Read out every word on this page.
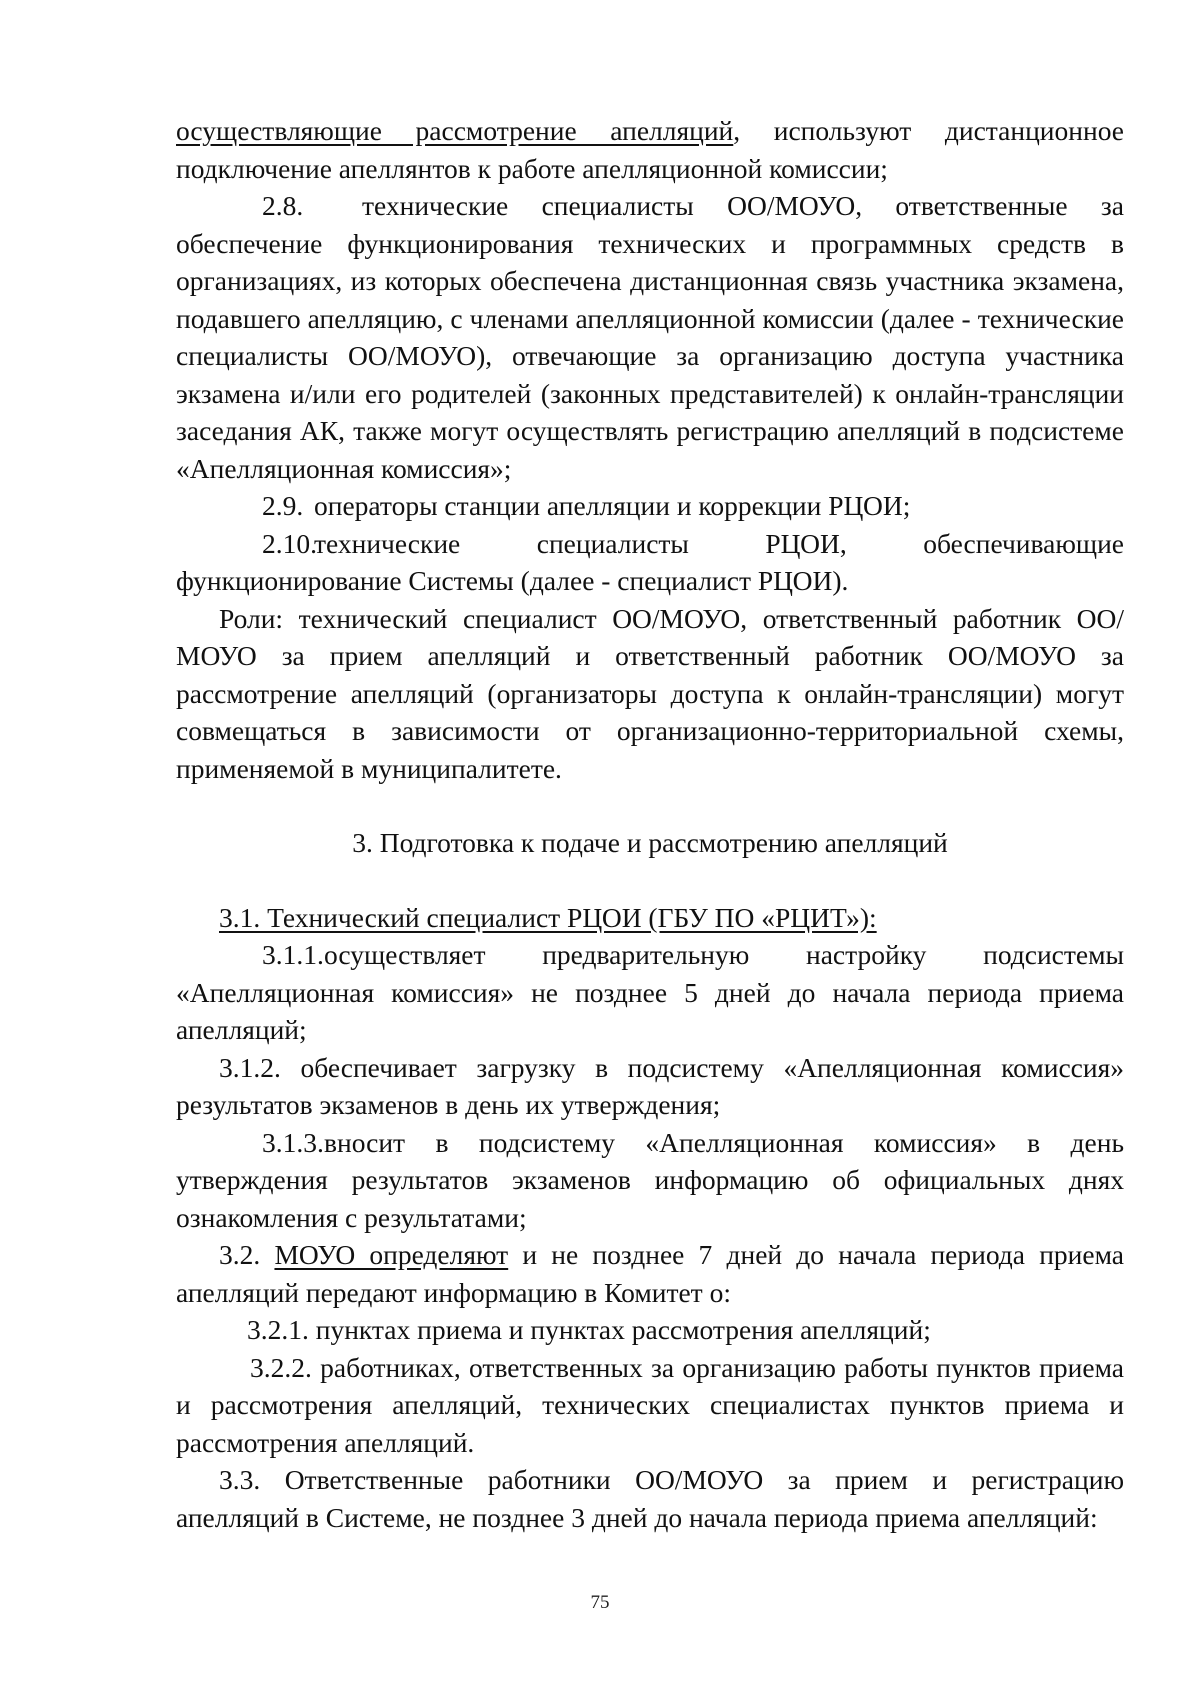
осуществляющие рассмотрение апелляций, используют дистанционное подключение апеллянтов к работе апелляционной комиссии;

2.8. технические специалисты ОО/МОУО, ответственные за обеспечение функционирования технических и программных средств в организациях, из которых обеспечена дистанционная связь участника экзамена, подавшего апелляцию, с членами апелляционной комиссии (далее - технические специалисты ОО/МОУО), отвечающие за организацию доступа участника экзамена и/или его родителей (законных представителей) к онлайн-трансляции заседания АК, также могут осуществлять регистрацию апелляций в подсистеме «Апелляционная комиссия»;

2.9. операторы станции апелляции и коррекции РЦОИ;

2.10.технические специалисты РЦОИ, обеспечивающие функционирование Системы (далее - специалист РЦОИ).

Роли: технический специалист ОО/МОУО, ответственный работник ОО/МОУО за прием апелляций и ответственный работник ОО/МОУО за рассмотрение апелляций (организаторы доступа к онлайн-трансляции) могут совмещаться в зависимости от организационно-территориальной схемы, применяемой в муниципалитете.

3. Подготовка к подаче и рассмотрению апелляций

3.1. Технический специалист РЦОИ (ГБУ ПО «РЦИТ»):

3.1.1.осуществляет предварительную настройку подсистемы «Апелляционная комиссия» не позднее 5 дней до начала периода приема апелляций;

3.1.2. обеспечивает загрузку в подсистему «Апелляционная комиссия» результатов экзаменов в день их утверждения;

3.1.3.вносит в подсистему «Апелляционная комиссия» в день утверждения результатов экзаменов информацию об официальных днях ознакомления с результатами;

3.2. МОУО определяют и не позднее 7 дней до начала периода приема апелляций передают информацию в Комитет о:

3.2.1. пунктах приема и пунктах рассмотрения апелляций;

3.2.2. работниках, ответственных за организацию работы пунктов приема и рассмотрения апелляций, технических специалистах пунктов приема и рассмотрения апелляций.

3.3. Ответственные работники ОО/МОУО за прием и регистрацию апелляций в Системе, не позднее 3 дней до начала периода приема апелляций:

75
